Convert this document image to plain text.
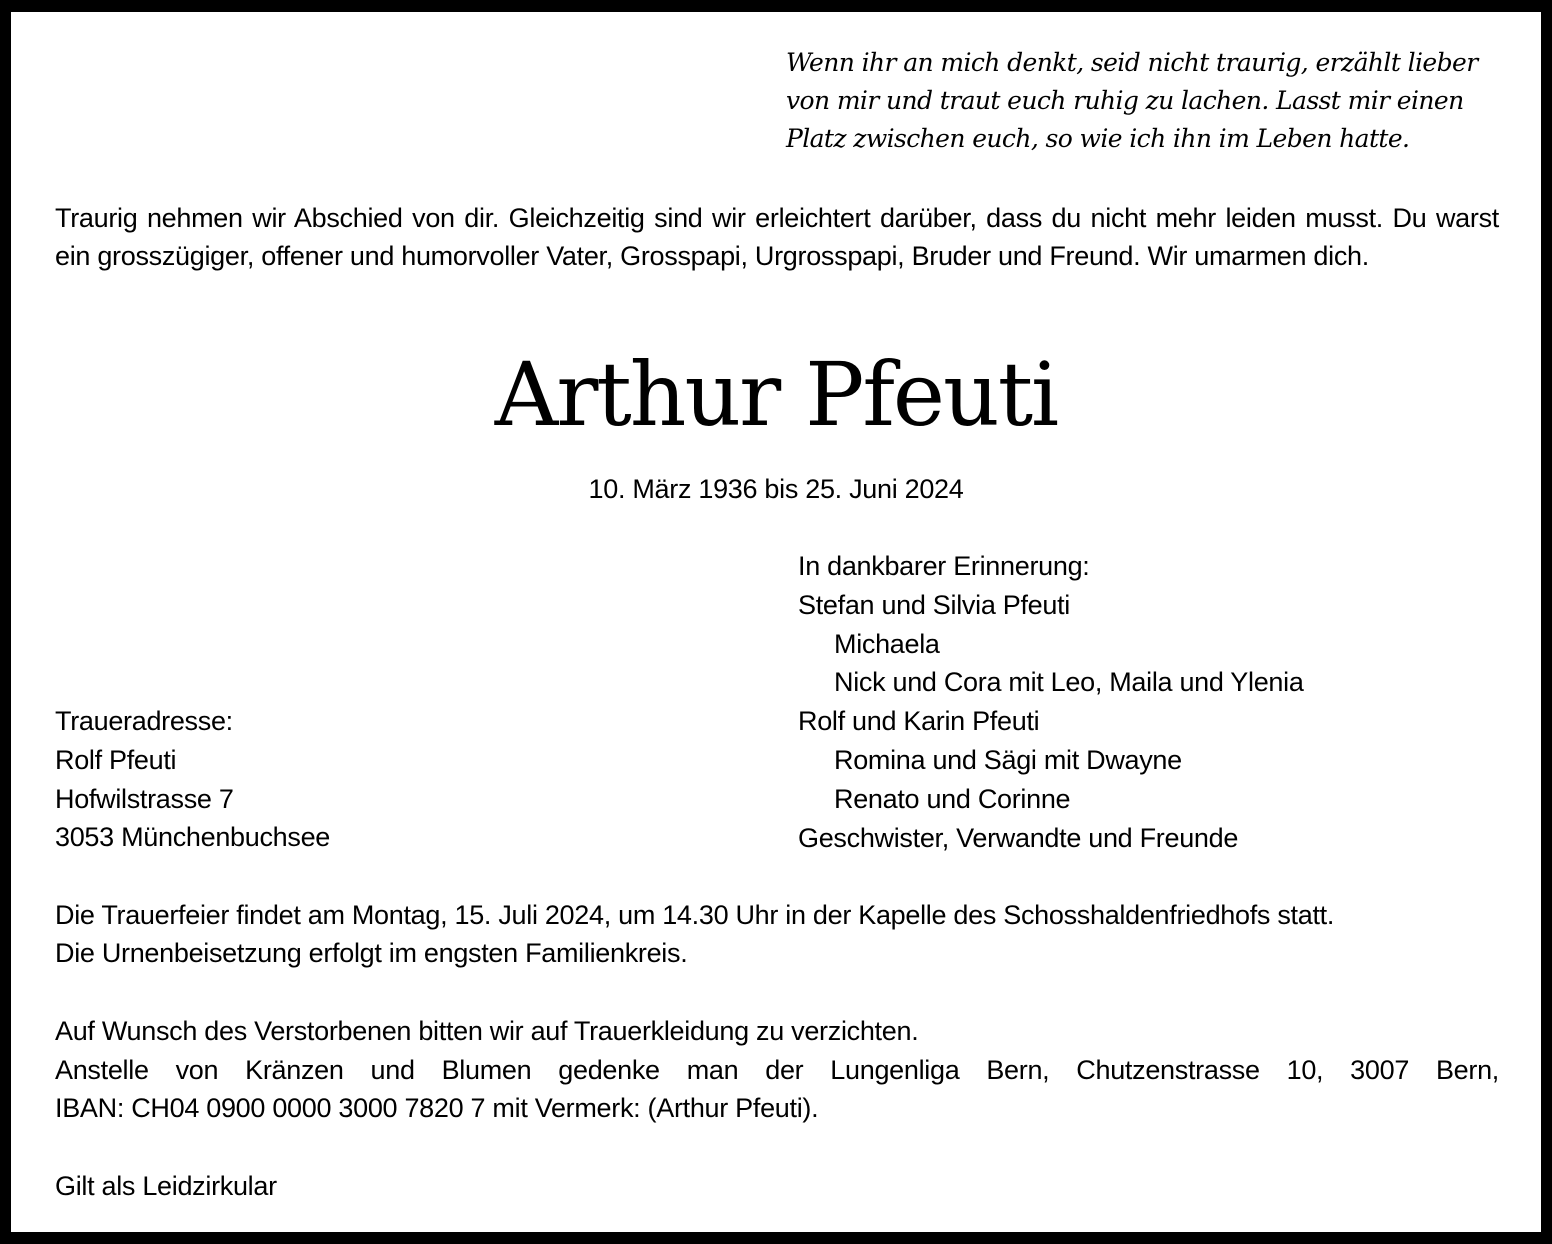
Wenn ihr an mich denkt, seid nicht traurig, erzählt lieber
von mir und traut euch ruhig zu lachen. Lasst mir einen
Platz zwischen euch, so wie ich ihn im Leben hatte.
Traurig nehmen wir Abschied von dir. Gleichzeitig sind wir erleichtert darüber, dass du nicht mehr leiden musst. Du warst ein grosszügiger, offener und humorvoller Vater, Grosspapi, Urgrosspapi, Bruder und Freund. Wir umarmen dich.
Arthur Pfeuti
10. März 1936 bis 25. Juni 2024
In dankbarer Erinnerung:
Stefan und Silvia Pfeuti
Michaela
Nick und Cora mit Leo, Maila und Ylenia
Rolf und Karin Pfeuti
Romina und Sägi mit Dwayne
Renato und Corinne
Geschwister, Verwandte und Freunde
Traueradresse:
Rolf Pfeuti
Hofwilstrasse 7
3053 Münchenbuchsee
Die Trauerfeier findet am Montag, 15. Juli 2024, um 14.30 Uhr in der Kapelle des Schosshaldenfriedhofs statt.
Die Urnenbeisetzung erfolgt im engsten Familienkreis.
Auf Wunsch des Verstorbenen bitten wir auf Trauerkleidung zu verzichten.
Anstelle von Kränzen und Blumen gedenke man der Lungenliga Bern, Chutzenstrasse 10, 3007 Bern,
IBAN: CH04 0900 0000 3000 7820 7 mit Vermerk: (Arthur Pfeuti).
Gilt als Leidzirkular
